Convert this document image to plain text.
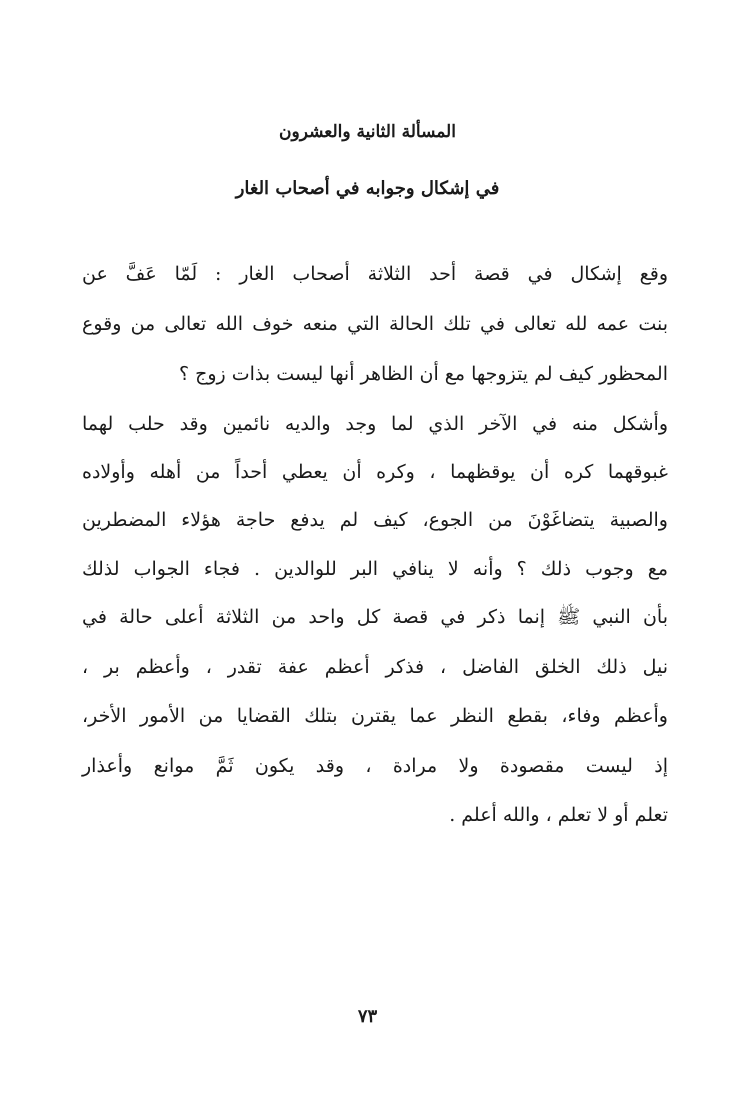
المسألة الثانية والعشرون
في إشكال وجوابه في أصحاب الغار
وقع إشكال في قصة أحد الثلاثة أصحاب الغار : لَمّا عَفَّ عن
بنت عمه لله تعالى في تلك الحالة التي منعه خوف الله تعالى من وقوع
المحظور كيف لم يتزوجها مع أن الظاهر أنها ليست بذات زوج ؟
وأشكل منه في الآخر الذي لما وجد والديه نائمين وقد حلب لهما
غبوقهما كره أن يوقظهما ، وكره أن يعطي أحداً من أهله وأولاده
والصبية يتضاغَوْنَ من الجوع، كيف لم يدفع حاجة هؤلاء المضطرين
مع وجوب ذلك ؟ وأنه لا ينافي البر للوالدين . فجاء الجواب لذلك
بأن النبي ﷺ إنما ذكر في قصة كل واحد من الثلاثة أعلى حالة في
نيل ذلك الخلق الفاضل ، فذكر أعظم عفة تقدر ، وأعظم بر ،
وأعظم وفاء، بقطع النظر عما يقترن بتلك القضايا من الأمور الأخر،
إذ ليست مقصودة ولا مرادة ، وقد يكون ثَمَّ موانع وأعذار
تعلم أو لا تعلم ، والله أعلم .
٧٣
